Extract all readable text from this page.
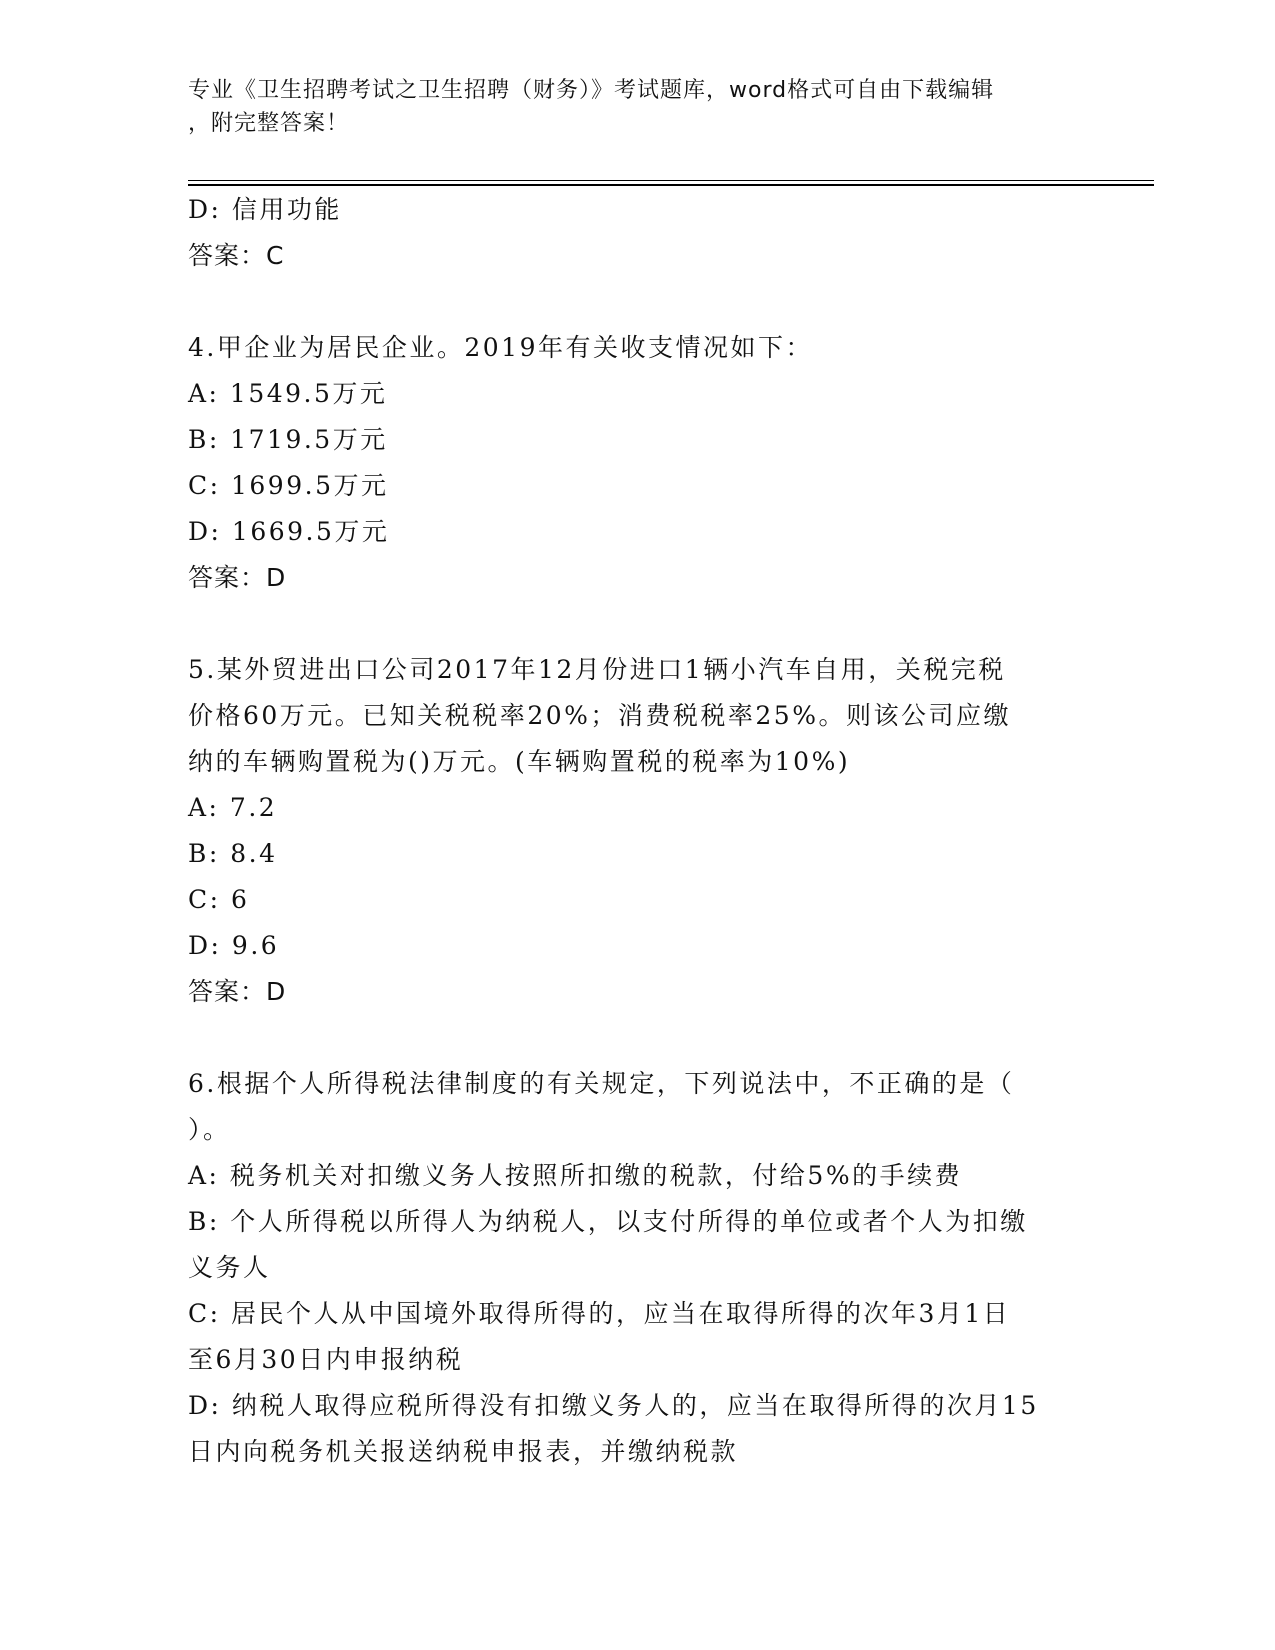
专业《卫生招聘考试之卫生招聘（财务）》考试题库，word格式可自由下载编辑
，附完整答案！
D: 信用功能
答案：C
4.甲企业为居民企业。2019年有关收支情况如下：
A: 1549.5万元
B: 1719.5万元
C: 1699.5万元
D: 1669.5万元
答案：D
5.某外贸进出口公司2017年12月份进口1辆小汽车自用，关税完税
价格60万元。已知关税税率20%；消费税税率25%。则该公司应缴
纳的车辆购置税为()万元。(车辆购置税的税率为10%)
A: 7.2
B: 8.4
C: 6
D: 9.6
答案：D
6.根据个人所得税法律制度的有关规定，下列说法中，不正确的是（
）。
A: 税务机关对扣缴义务人按照所扣缴的税款，付给5%的手续费
B: 个人所得税以所得人为纳税人，以支付所得的单位或者个人为扣缴
义务人
C: 居民个人从中国境外取得所得的，应当在取得所得的次年3月1日
至6月30日内申报纳税
D: 纳税人取得应税所得没有扣缴义务人的，应当在取得所得的次月15
日内向税务机关报送纳税申报表，并缴纳税款
